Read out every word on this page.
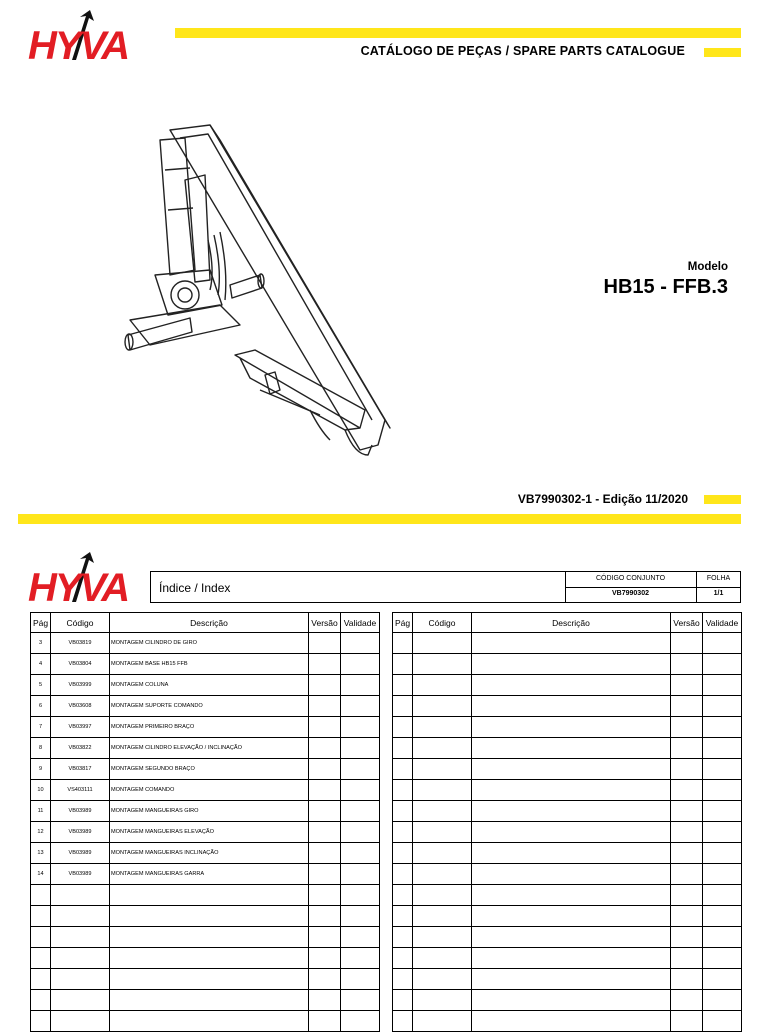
HYVA	CATÁLOGO DE PEÇAS / SPARE PARTS CATALOGUE
Modelo
HB15 - FFB.3
VB7990302-1 - Edição 11/2020
HYVA	Índice / Index
CÓDIGO CONJUNTO
VB7990302
FOLHA
1/1
Pág	Código	Descrição	Versão	Validade
3	VB03819	MONTAGEM CILINDRO DE GIRO		
4	VB03804	MONTAGEM BASE HB15 FFB		
5	VB03999	MONTAGEM COLUNA		
6	VB03608	MONTAGEM SUPORTE COMANDO		
7	VB03997	MONTAGEM PRIMEIRO BRAÇO		
8	VB03822	MONTAGEM CILINDRO ELEVAÇÃO / INCLINAÇÃO		
9	VB03817	MONTAGEM SEGUNDO BRAÇO		
10	VS403111	MONTAGEM COMANDO		
11	VB03989	MONTAGEM MANGUEIRAS GIRO		
12	VB03989	MONTAGEM MANGUEIRAS ELEVAÇÃO		
13	VB03989	MONTAGEM MANGUEIRAS INCLINAÇÃO		
14	VB03989	MONTAGEM MANGUEIRAS GARRA		

Pág	Código	Descrição	Versão	Validade
